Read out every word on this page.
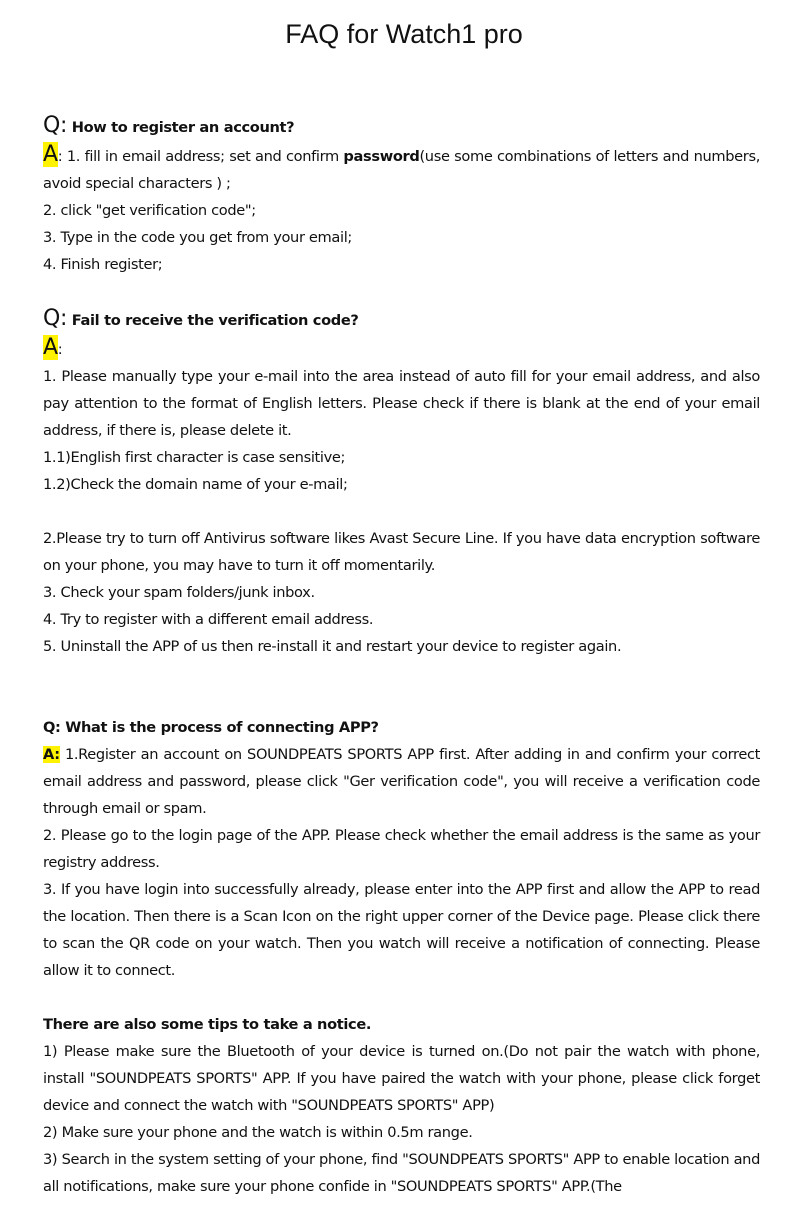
FAQ for Watch1 pro

Q: How to register an account?

A: 1. fill in email address; set and confirm password(use some combinations of letters and numbers, avoid special characters ) ;

2. click "get verification code";

3. Type in the code you get from your email;

4. Finish register;

Q: Fail to receive the verification code?

A:

1. Please manually type your e-mail into the area instead of auto fill for your email address, and also pay attention to the format of English letters. Please check if there is blank at the end of your email address, if there is, please delete it.

1.1)English first character is case sensitive;

1.2)Check the domain name of your e-mail;

2.Please try to turn off Antivirus software likes Avast Secure Line. If you have data encryption software on your phone, you may have to turn it off momentarily.

3. Check your spam folders/junk inbox.

4. Try to register with a different email address.

5. Uninstall the APP of us then re-install it and restart your device to register again.

Q: What is the process of connecting APP?

A: 1.Register an account on SOUNDPEATS SPORTS APP first. After adding in and confirm your correct email address and password, please click "Ger verification code", you will receive a verification code through email or spam.

2. Please go to the login page of the APP. Please check whether the email address is the same as your registry address.

3. If you have login into successfully already, please enter into the APP first and allow the APP to read the location. Then there is a Scan Icon on the right upper corner of the Device page. Please click there to scan the QR code on your watch. Then you watch will receive a notification of connecting. Please allow it to connect.

There are also some tips to take a notice.

1) Please make sure the Bluetooth of your device is turned on.(Do not pair the watch with phone, install "SOUNDPEATS SPORTS" APP. If you have paired the watch with your phone, please click forget device and connect the watch with "SOUNDPEATS SPORTS" APP)

2) Make sure your phone and the watch is within 0.5m range.

3) Search in the system setting of your phone, find "SOUNDPEATS SPORTS" APP to enable location and all notifications, make sure your phone confide in "SOUNDPEATS SPORTS" APP.(The
